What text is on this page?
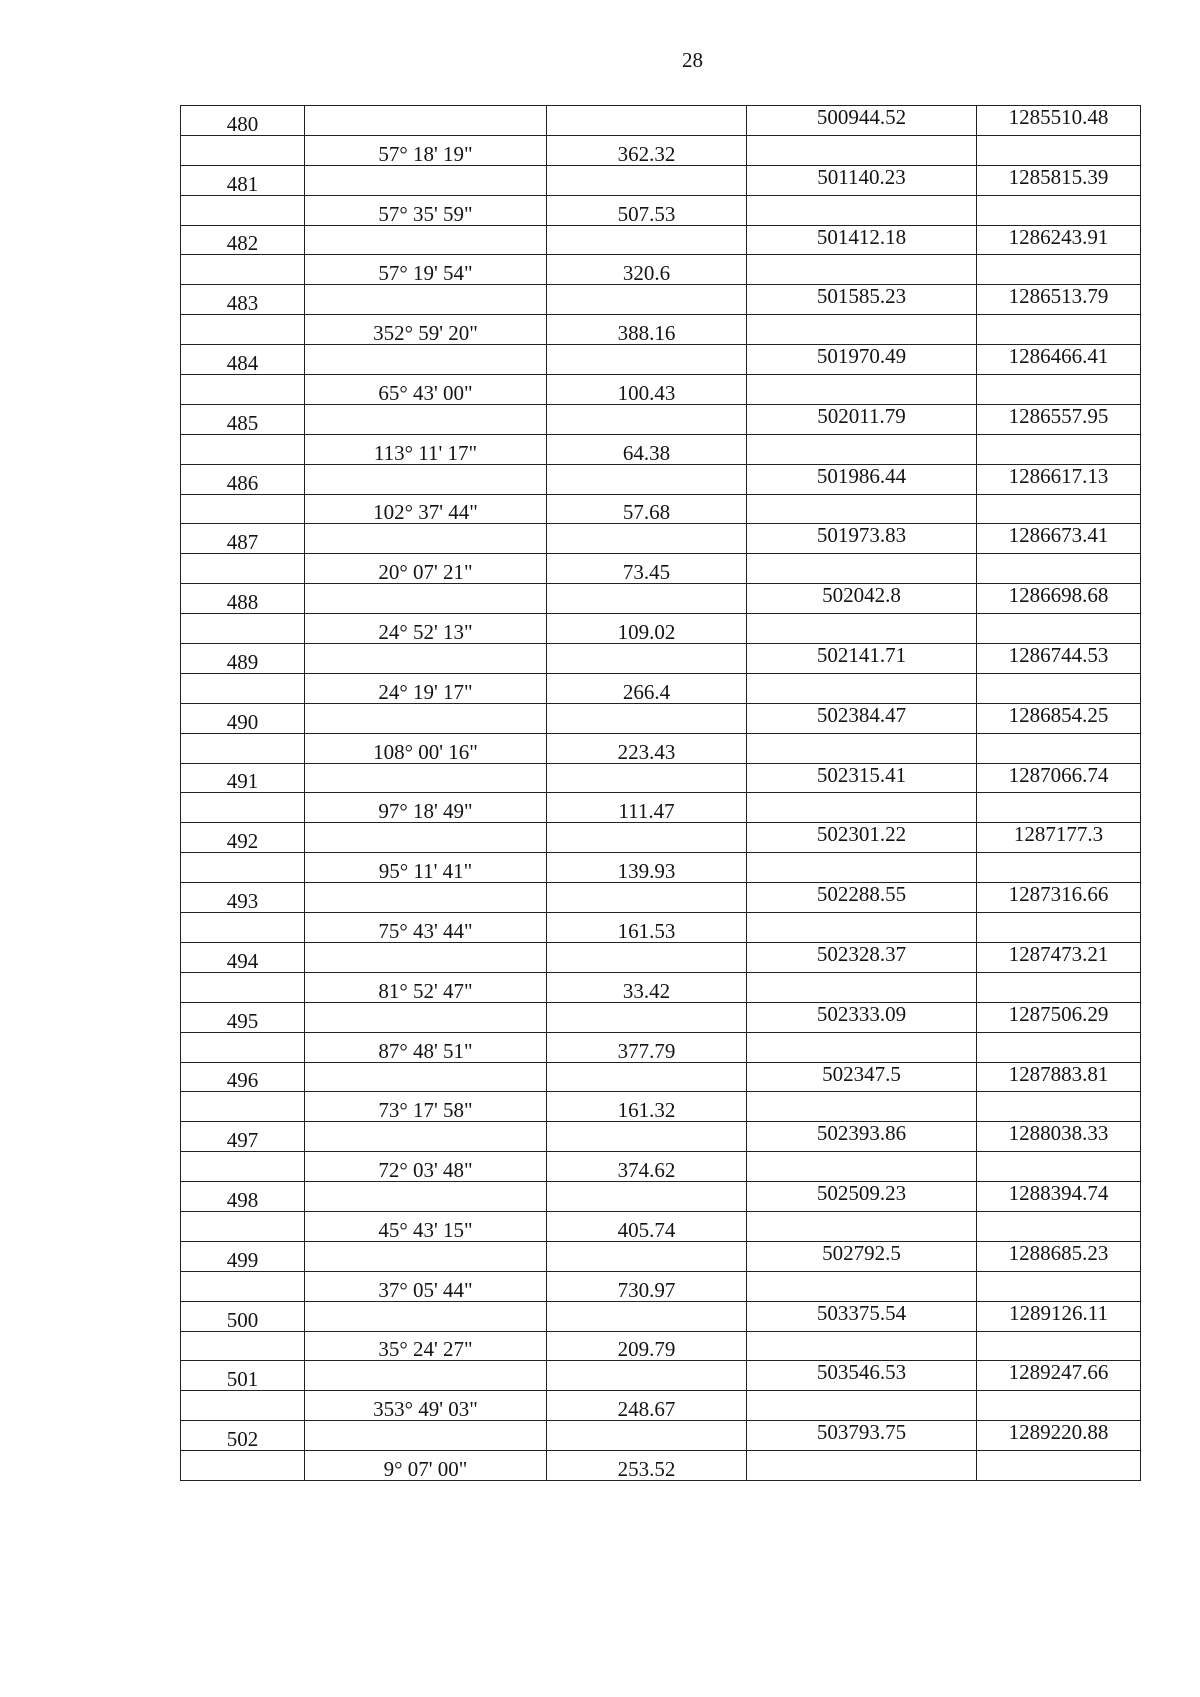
28
480			500944.52	1285510.48
	57° 18' 19"	362.32		
481			501140.23	1285815.39
	57° 35' 59"	507.53		
482			501412.18	1286243.91
	57° 19' 54"	320.6		
483			501585.23	1286513.79
	352° 59' 20"	388.16		
484			501970.49	1286466.41
	65° 43' 00"	100.43		
485			502011.79	1286557.95
	113° 11' 17"	64.38		
486			501986.44	1286617.13
	102° 37' 44"	57.68		
487			501973.83	1286673.41
	20° 07' 21"	73.45		
488			502042.8	1286698.68
	24° 52' 13"	109.02		
489			502141.71	1286744.53
	24° 19' 17"	266.4		
490			502384.47	1286854.25
	108° 00' 16"	223.43		
491			502315.41	1287066.74
	97° 18' 49"	111.47		
492			502301.22	1287177.3
	95° 11' 41"	139.93		
493			502288.55	1287316.66
	75° 43' 44"	161.53		
494			502328.37	1287473.21
	81° 52' 47"	33.42		
495			502333.09	1287506.29
	87° 48' 51"	377.79		
496			502347.5	1287883.81
	73° 17' 58"	161.32		
497			502393.86	1288038.33
	72° 03' 48"	374.62		
498			502509.23	1288394.74
	45° 43' 15"	405.74		
499			502792.5	1288685.23
	37° 05' 44"	730.97		
500			503375.54	1289126.11
	35° 24' 27"	209.79		
501			503546.53	1289247.66
	353° 49' 03"	248.67		
502			503793.75	1289220.88
	9° 07' 00"	253.52		
